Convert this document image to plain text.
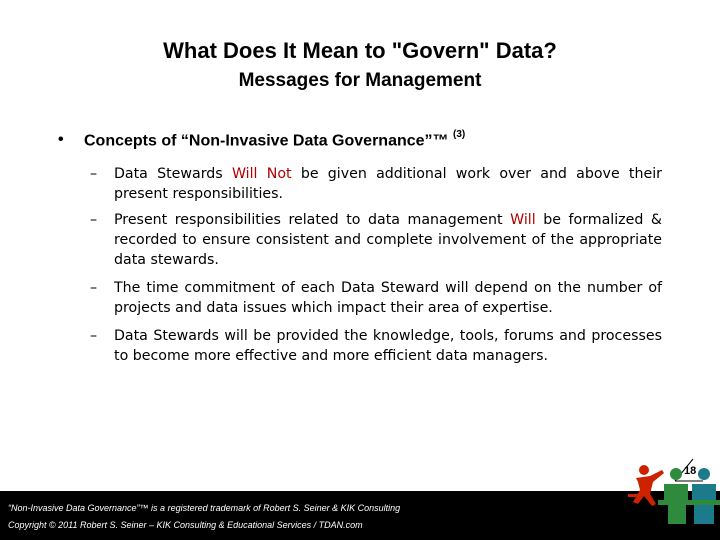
What Does It Mean to "Govern" Data?
Messages for Management
• Concepts of “Non-Invasive Data Governance”™ $^{(3)}$
– Data Stewards Will Not be given additional work over and above their present responsibilities.
– Present responsibilities related to data management Will be formalized & recorded to ensure consistent and complete involvement of the appropriate data stewards.
– The time commitment of each Data Steward will depend on the number of projects and data issues which impact their area of expertise.
– Data Stewards will be provided the knowledge, tools, forums and processes to become more effective and more efficient data managers.
18
“Non-Invasive Data Governance”™ is a registered trademark of Robert S. Seiner & KIK Consulting
Copyright © 2011 Robert S. Seiner – KIK Consulting & Educational Services / TDAN.com
